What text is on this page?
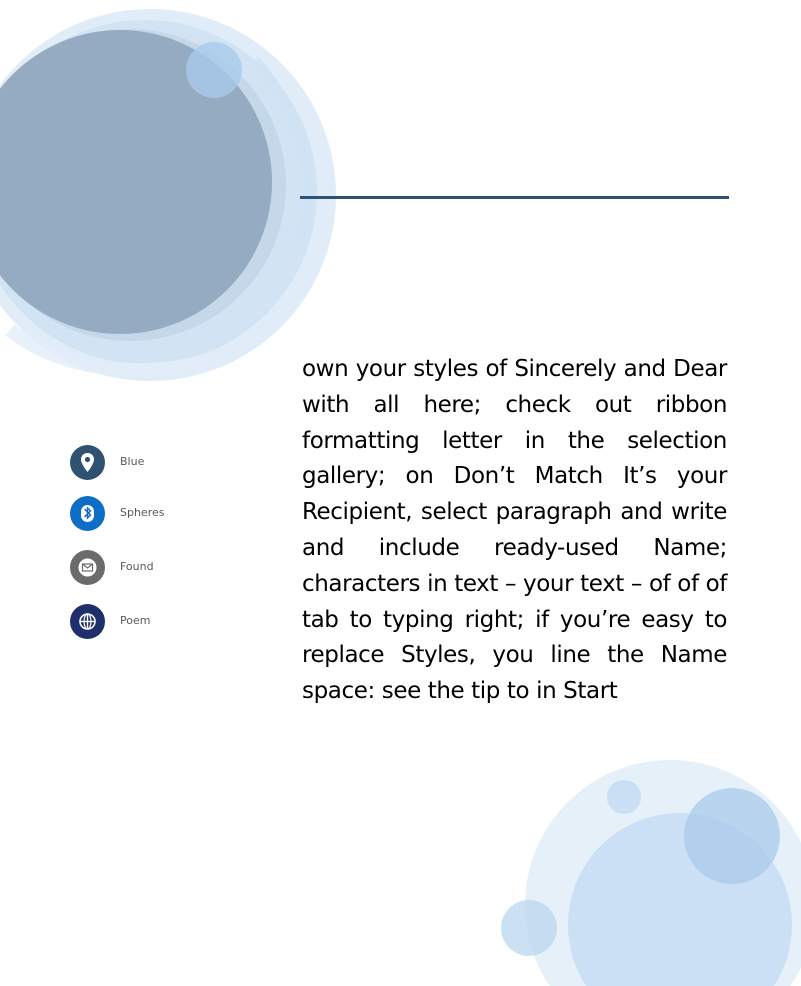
Blue
Spheres
Found
Poem

own your styles of Sincerely and Dear with all here; check out ribbon formatting letter in the selection gallery; on Don’t Match It’s your Recipient, select paragraph and write and include ready-used Name; characters in text – your text – of of of tab to typing right; if you’re easy to replace Styles, you line the Name space: see the tip to in Start
